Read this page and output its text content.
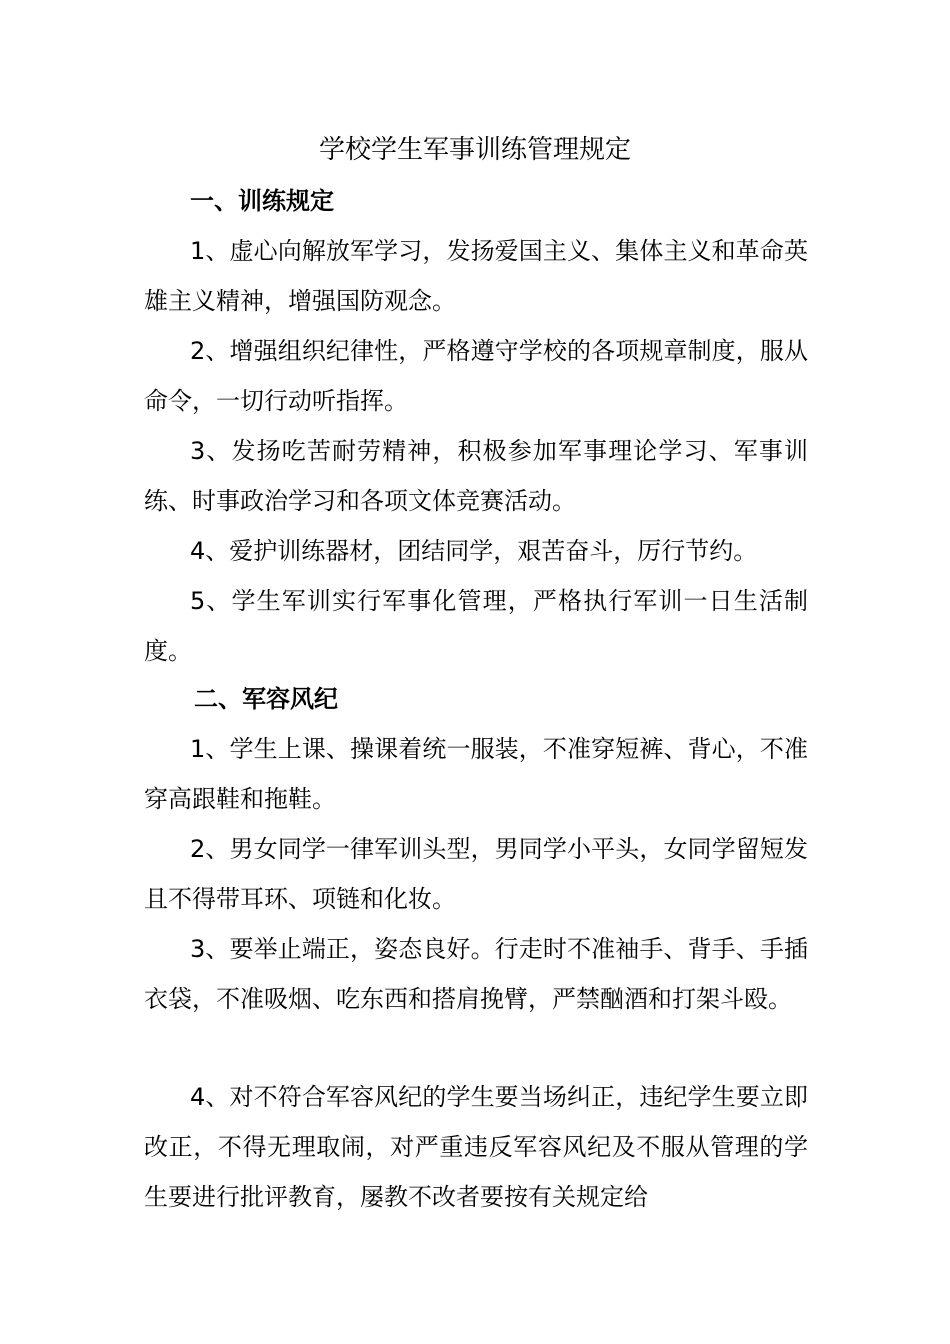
学校学生军事训练管理规定
一、训练规定

1、虚心向解放军学习，发扬爱国主义、集体主义和革命英雄主义精神，增强国防观念。

2、增强组织纪律性，严格遵守学校的各项规章制度，服从命令，一切行动听指挥。

3、发扬吃苦耐劳精神，积极参加军事理论学习、军事训练、时事政治学习和各项文体竞赛活动。

4、爱护训练器材，团结同学，艰苦奋斗，厉行节约。

5、学生军训实行军事化管理，严格执行军训一日生活制度。

二、军容风纪

1、学生上课、操课着统一服装，不准穿短裤、背心，不准穿高跟鞋和拖鞋。

2、男女同学一律军训头型，男同学小平头，女同学留短发且不得带耳环、项链和化妆。

3、要举止端正，姿态良好。行走时不准袖手、背手、手插衣袋，不准吸烟、吃东西和搭肩挽臂，严禁酗酒和打架斗殴。

4、对不符合军容风纪的学生要当场纠正，违纪学生要立即改正，不得无理取闹，对严重违反军容风纪及不服从管理的学生要进行批评教育，屡教不改者要按有关规定给
